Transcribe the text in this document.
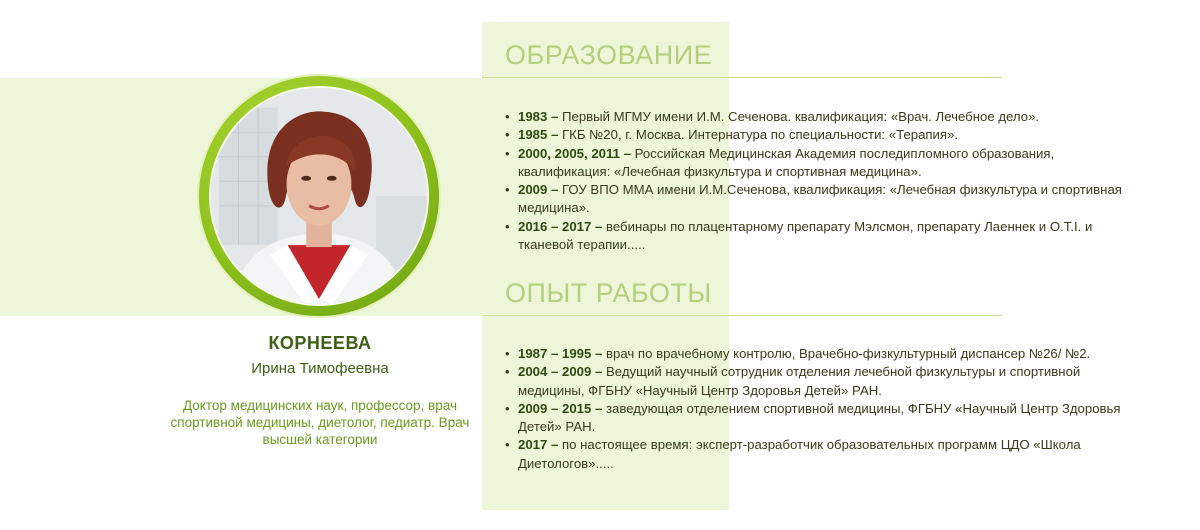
КОРНЕЕВА
Ирина Тимофеевна
Доктор медицинских наук, профессор, врач спортивной медицины, диетолог, педиатр. Врач высшей категории
ОБРАЗОВАНИЕ
• 1983 – Первый МГМУ имени И.М. Сеченова. квалификация: «Врач. Лечебное дело».
• 1985 – ГКБ №20, г. Москва. Интернатура по специальности: «Терапия».
• 2000, 2005, 2011 – Российская Медицинская Академия последипломного образования, квалификация: «Лечебная физкультура и спортивная медицина».
• 2009 – ГОУ ВПО ММА имени И.М.Сеченова, квалификация: «Лечебная физкультура и спортивная медицина».
• 2016 – 2017 – вебинары по плацентарному препарату Мэлсмон, препарату Лаеннек и О.Т.I. и тканевой терапии.....
ОПЫТ РАБОТЫ
• 1987 – 1995 – врач по врачебному контролю, Врачебно-физкультурный диспансер №26/ №2.
• 2004 – 2009 – Ведущий научный сотрудник отделения лечебной физкультуры и спортивной медицины, ФГБНУ «Научный Центр Здоровья Детей» РАН.
• 2009 – 2015 – заведующая отделением спортивной медицины, ФГБНУ «Научный Центр Здоровья Детей» РАН.
• 2017 – по настоящее время: эксперт-разработчик образовательных программ ЦДО «Школа Диетологов».....
